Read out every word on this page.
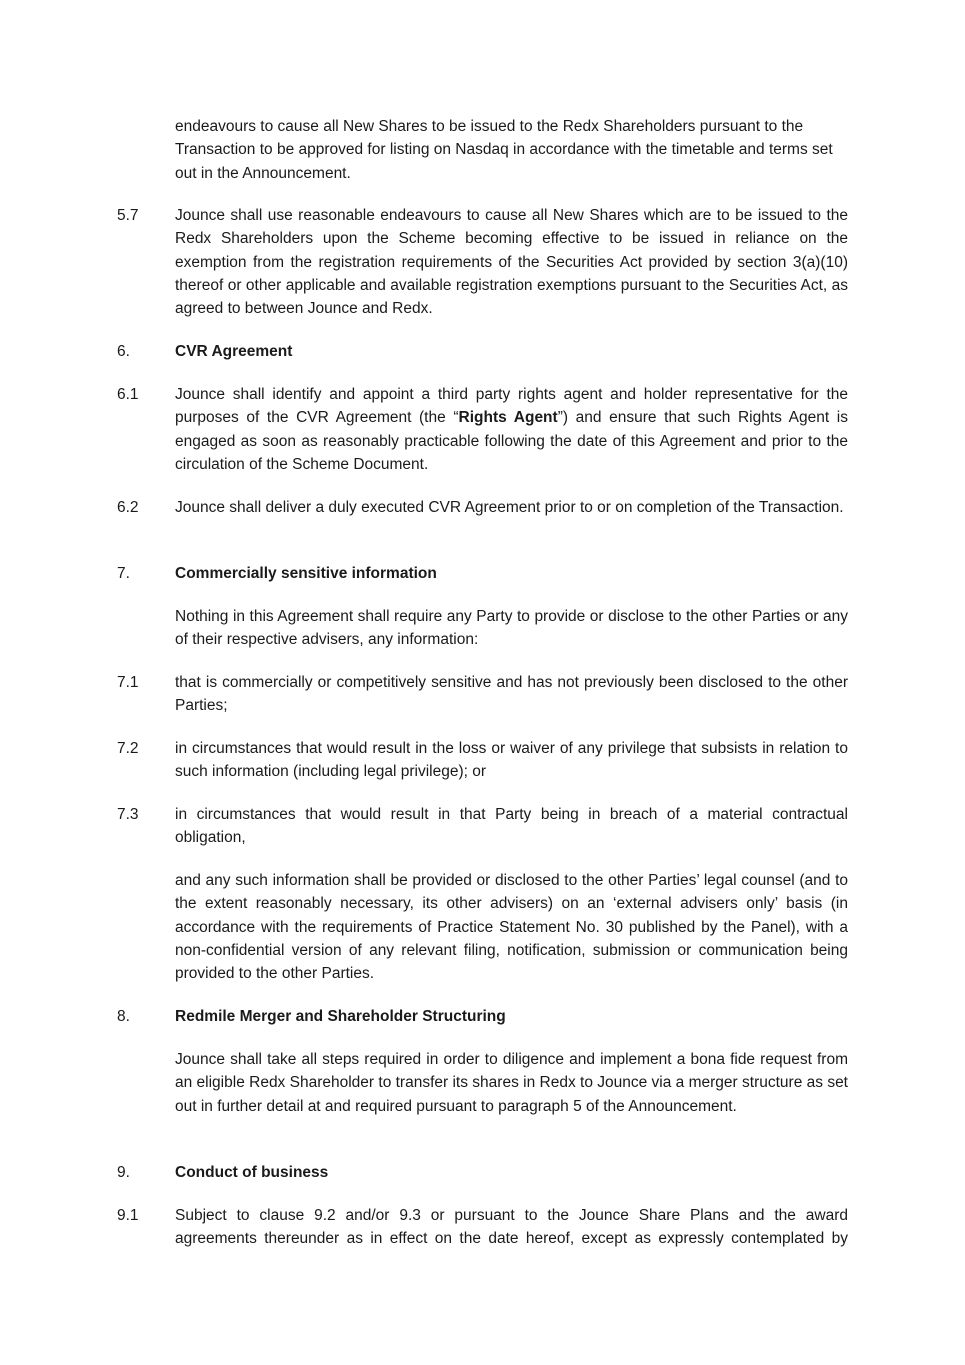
endeavours to cause all New Shares to be issued to the Redx Shareholders pursuant to the Transaction to be approved for listing on Nasdaq in accordance with the timetable and terms set out in the Announcement.
5.7	Jounce shall use reasonable endeavours to cause all New Shares which are to be issued to the Redx Shareholders upon the Scheme becoming effective to be issued in reliance on the exemption from the registration requirements of the Securities Act provided by section 3(a)(10) thereof or other applicable and available registration exemptions pursuant to the Securities Act, as agreed to between Jounce and Redx.
6.	CVR Agreement
6.1	Jounce shall identify and appoint a third party rights agent and holder representative for the purposes of the CVR Agreement (the “Rights Agent”) and ensure that such Rights Agent is engaged as soon as reasonably practicable following the date of this Agreement and prior to the circulation of the Scheme Document.
6.2	Jounce shall deliver a duly executed CVR Agreement prior to or on completion of the Transaction.
7.	Commercially sensitive information
Nothing in this Agreement shall require any Party to provide or disclose to the other Parties or any of their respective advisers, any information:
7.1	that is commercially or competitively sensitive and has not previously been disclosed to the other Parties;
7.2	in circumstances that would result in the loss or waiver of any privilege that subsists in relation to such information (including legal privilege); or
7.3	in circumstances that would result in that Party being in breach of a material contractual obligation,
and any such information shall be provided or disclosed to the other Parties’ legal counsel (and to the extent reasonably necessary, its other advisers) on an ‘external advisers only’ basis (in accordance with the requirements of Practice Statement No. 30 published by the Panel), with a non-confidential version of any relevant filing, notification, submission or communication being provided to the other Parties.
8.	Redmile Merger and Shareholder Structuring
Jounce shall take all steps required in order to diligence and implement a bona fide request from an eligible Redx Shareholder to transfer its shares in Redx to Jounce via a merger structure as set out in further detail at and required pursuant to paragraph 5 of the Announcement.
9.	Conduct of business
9.1	Subject to clause 9.2 and/or 9.3 or pursuant to the Jounce Share Plans and the award agreements thereunder as in effect on the date hereof, except as expressly contemplated by
